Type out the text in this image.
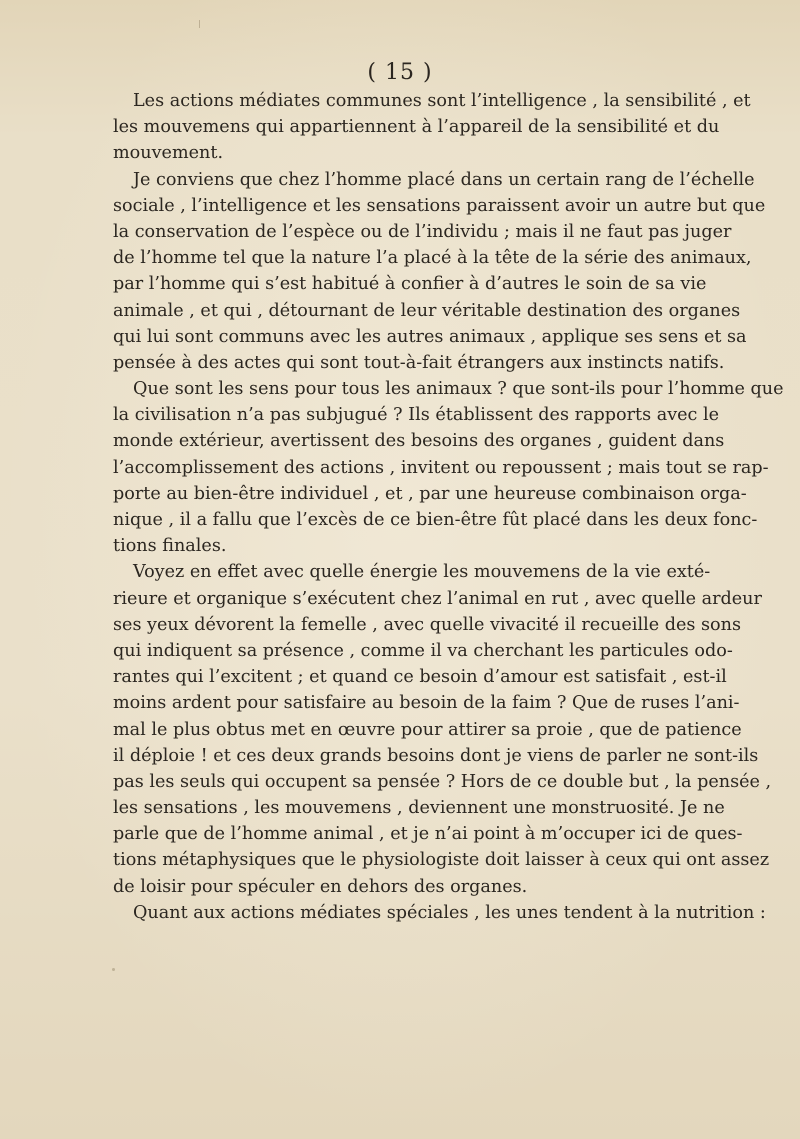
( 15 )
Les actions médiates communes sont l’intelligence , la sensibilité , et
les mouvemens qui appartiennent à l’appareil de la sensibilité et du
mouvement.
Je conviens que chez l’homme placé dans un certain rang de l’échelle
sociale , l’intelligence et les sensations paraissent avoir un autre but que
la conservation de l’espèce ou de l’individu ; mais il ne faut pas juger
de l’homme tel que la nature l’a placé à la tête de la série des animaux,
par l’homme qui s’est habitué à confier à d’autres le soin de sa vie
animale , et qui , détournant de leur véritable destination des organes
qui lui sont communs avec les autres animaux , applique ses sens et sa
pensée à des actes qui sont tout-à-fait étrangers aux instincts natifs.
Que sont les sens pour tous les animaux ? que sont-ils pour l’homme que
la civilisation n’a pas subjugué ? Ils établissent des rapports avec le
monde extérieur, avertissent des besoins des organes , guident dans
l’accomplissement des actions , invitent ou repoussent ; mais tout se rap-
porte au bien-être individuel , et , par une heureuse combinaison orga-
nique , il a fallu que l’excès de ce bien-être fût placé dans les deux fonc-
tions finales.
Voyez en effet avec quelle énergie les mouvemens de la vie exté-
rieure et organique s’exécutent chez l’animal en rut , avec quelle ardeur
ses yeux dévorent la femelle , avec quelle vivacité il recueille des sons
qui indiquent sa présence , comme il va cherchant les particules odo-
rantes qui l’excitent ; et quand ce besoin d’amour est satisfait , est-il
moins ardent pour satisfaire au besoin de la faim ? Que de ruses l’ani-
mal le plus obtus met en œuvre pour attirer sa proie , que de patience
il déploie ! et ces deux grands besoins dont je viens de parler ne sont-ils
pas les seuls qui occupent sa pensée ? Hors de ce double but , la pensée ,
les sensations , les mouvemens , deviennent une monstruosité. Je ne
parle que de l’homme animal , et je n’ai point à m’occuper ici de ques-
tions métaphysiques que le physiologiste doit laisser à ceux qui ont assez
de loisir pour spéculer en dehors des organes.
Quant aux actions médiates spéciales , les unes tendent à la nutrition :
